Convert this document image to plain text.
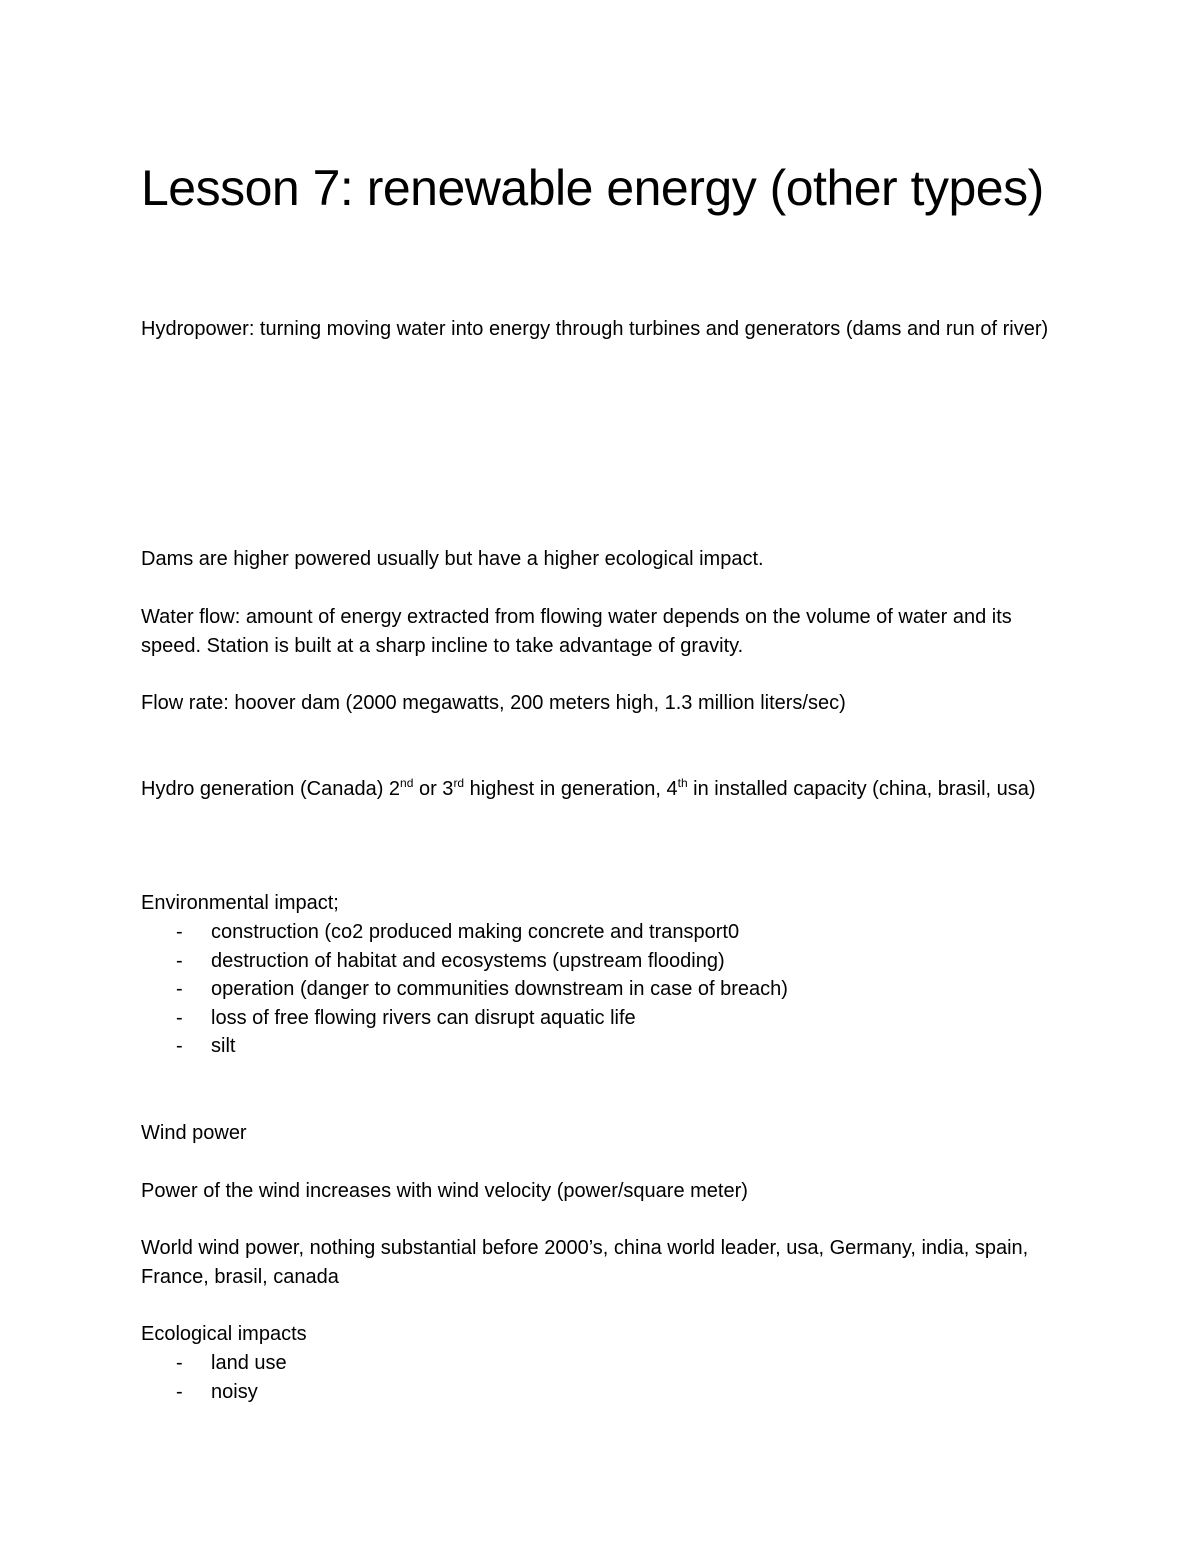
Lesson 7: renewable energy (other types)

Hydropower: turning moving water into energy through turbines and generators (dams and run of river)

Dams are higher powered usually but have a higher ecological impact.

Water flow: amount of energy extracted from flowing water depends on the volume of water and its speed. Station is built at a sharp incline to take advantage of gravity.

Flow rate: hoover dam (2000 megawatts, 200 meters high, 1.3 million liters/sec)

Hydro generation (Canada) 2nd or 3rd highest in generation, 4th in installed capacity (china, brasil, usa)

Environmental impact;

- construction (co2 produced making concrete and transport0
- destruction of habitat and ecosystems (upstream flooding)
- operation (danger to communities downstream in case of breach)
- loss of free flowing rivers can disrupt aquatic life
- silt

Wind power

Power of the wind increases with wind velocity (power/square meter)

World wind power, nothing substantial before 2000’s, china world leader, usa, Germany, india, spain, France, brasil, canada

Ecological impacts

- land use
- noisy
